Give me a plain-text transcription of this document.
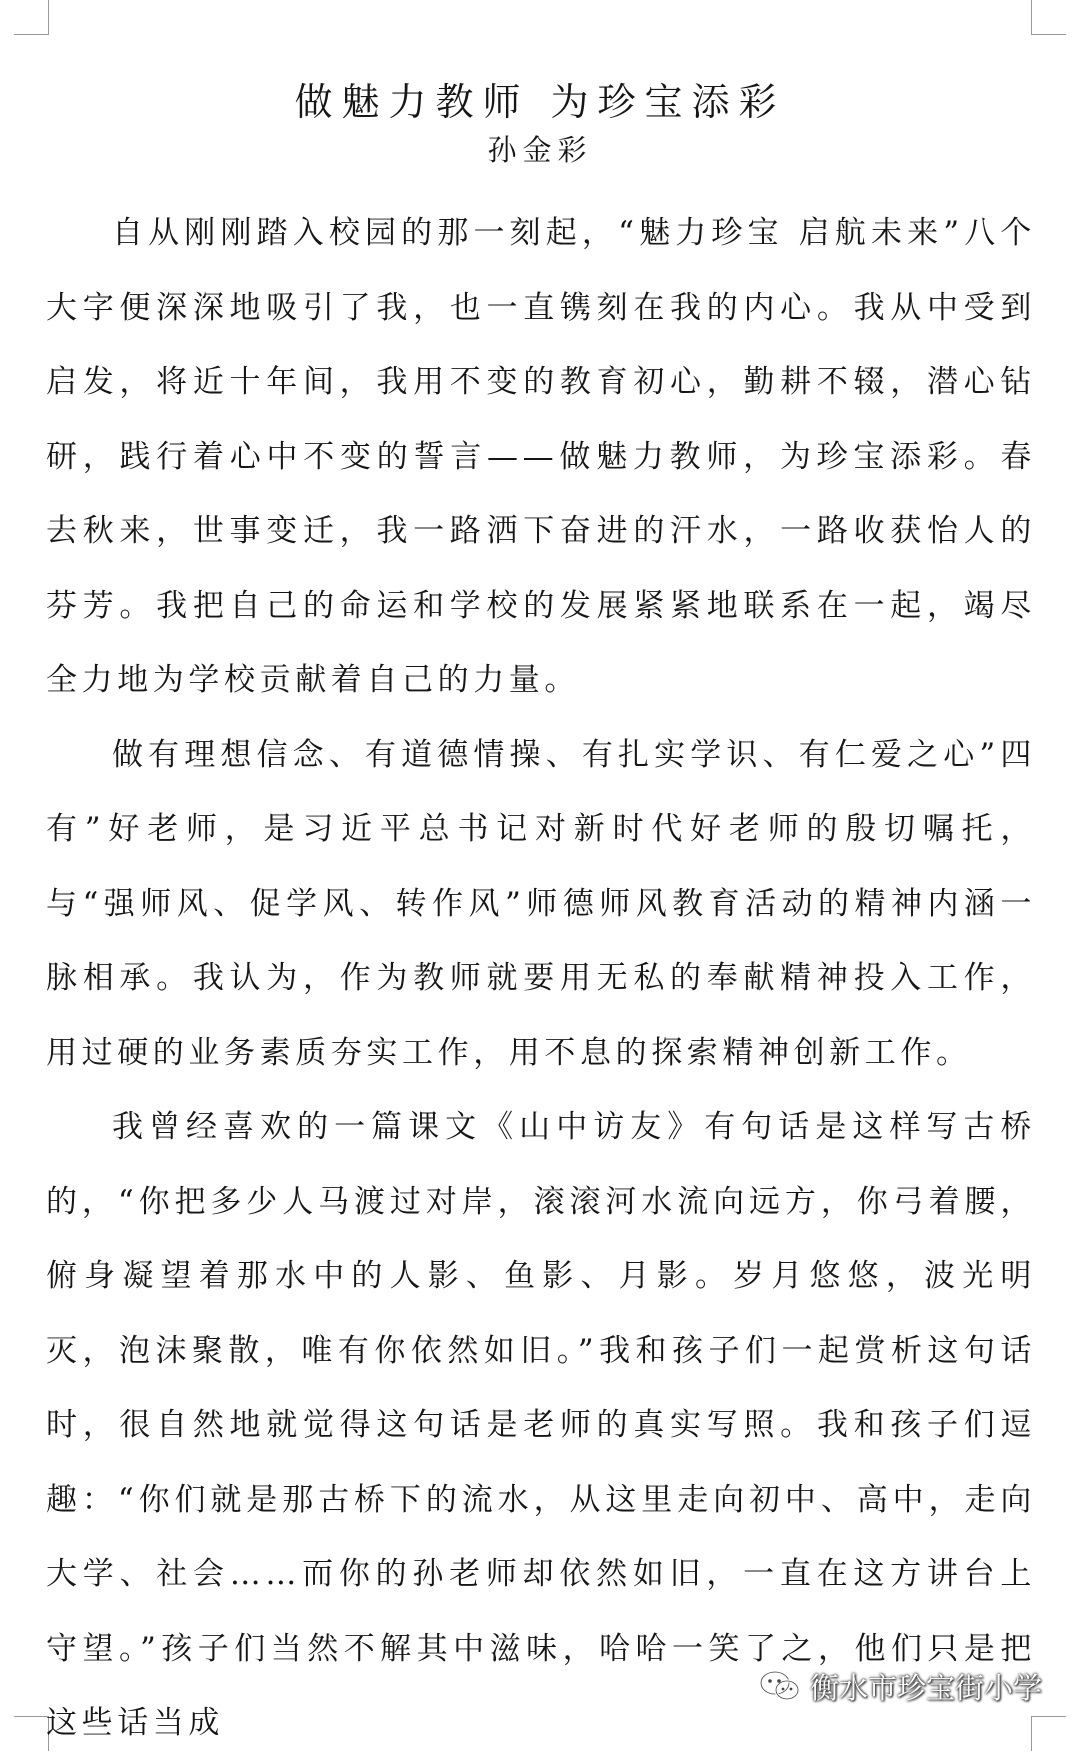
做魅力教师 为珍宝添彩
孙金彩

自从刚刚踏入校园的那一刻起，“魅力珍宝 启航未来”八个大字便深深地吸引了我，也一直镌刻在我的内心。我从中受到启发，将近十年间，我用不变的教育初心，勤耕不辍，潜心钻研，践行着心中不变的誓言——做魅力教师，为珍宝添彩。春去秋来，世事变迁，我一路洒下奋进的汗水，一路收获怡人的芬芳。我把自己的命运和学校的发展紧紧地联系在一起，竭尽全力地为学校贡献着自己的力量。

做有理想信念、有道德情操、有扎实学识、有仁爱之心”四有”好老师，是习近平总书记对新时代好老师的殷切嘱托，与“强师风、促学风、转作风”师德师风教育活动的精神内涵一脉相承。我认为，作为教师就要用无私的奉献精神投入工作，用过硬的业务素质夯实工作，用不息的探索精神创新工作。

我曾经喜欢的一篇课文《山中访友》有句话是这样写古桥的，“你把多少人马渡过对岸，滚滚河水流向远方，你弓着腰，俯身凝望着那水中的人影、鱼影、月影。岁月悠悠，波光明灭，泡沫聚散，唯有你依然如旧。”我和孩子们一起赏析这句话时，很自然地就觉得这句话是老师的真实写照。我和孩子们逗趣：“你们就是那古桥下的流水，从这里走向初中、高中，走向大学、社会……而你的孙老师却依然如旧，一直在这方讲台上守望。”孩子们当然不解其中滋味，哈哈一笑了之，他们只是把这些话当成

衡水市珍宝街小学
